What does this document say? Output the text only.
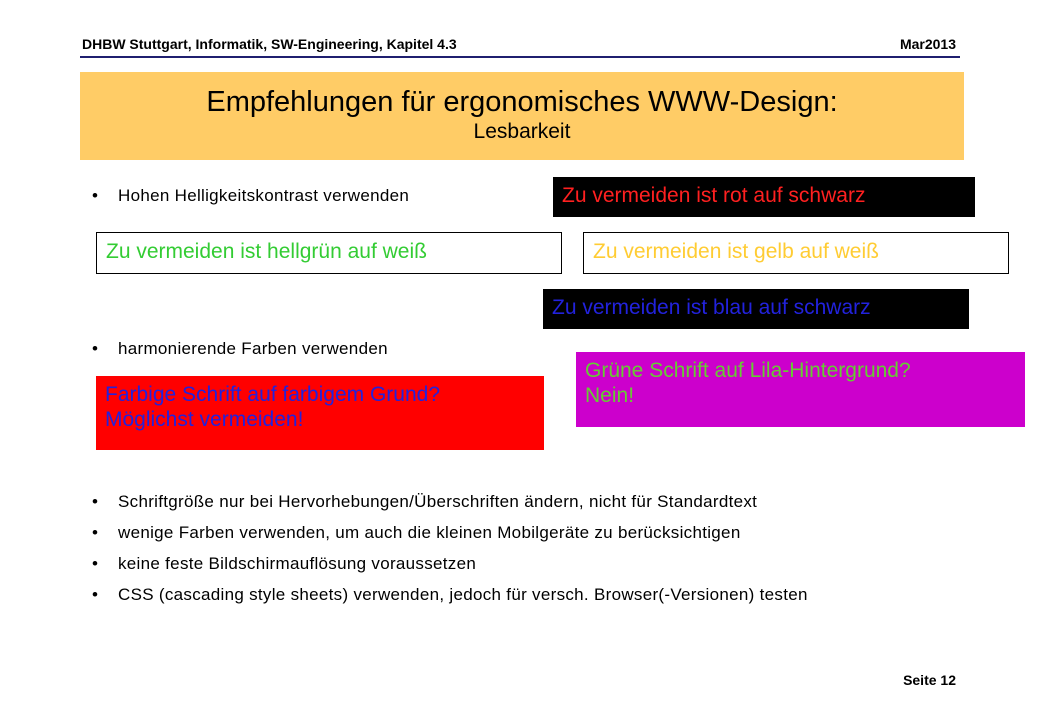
DHBW Stuttgart, Informatik, SW-Engineering, Kapitel 4.3	Mar2013
Empfehlungen für ergonomisches WWW-Design:
Lesbarkeit
• Hohen Helligkeitskontrast verwenden
• harmonierende Farben verwenden
• Schriftgröße nur bei Hervorhebungen/Überschriften ändern, nicht für Standardtext
• wenige Farben verwenden, um auch die kleinen Mobilgeräte zu berücksichtigen
• keine feste Bildschirmauflösung voraussetzen
• CSS (cascading style sheets) verwenden, jedoch für versch. Browser(-Versionen) testen
Zu vermeiden ist rot auf schwarz
Zu vermeiden ist hellgrün auf weiß	Zu vermeiden ist gelb auf weiß
Zu vermeiden ist blau auf schwarz
Farbige Schrift auf farbigem Grund?
Möglichst vermeiden!
Grüne Schrift auf Lila-Hintergrund?
Nein!
Seite 12
